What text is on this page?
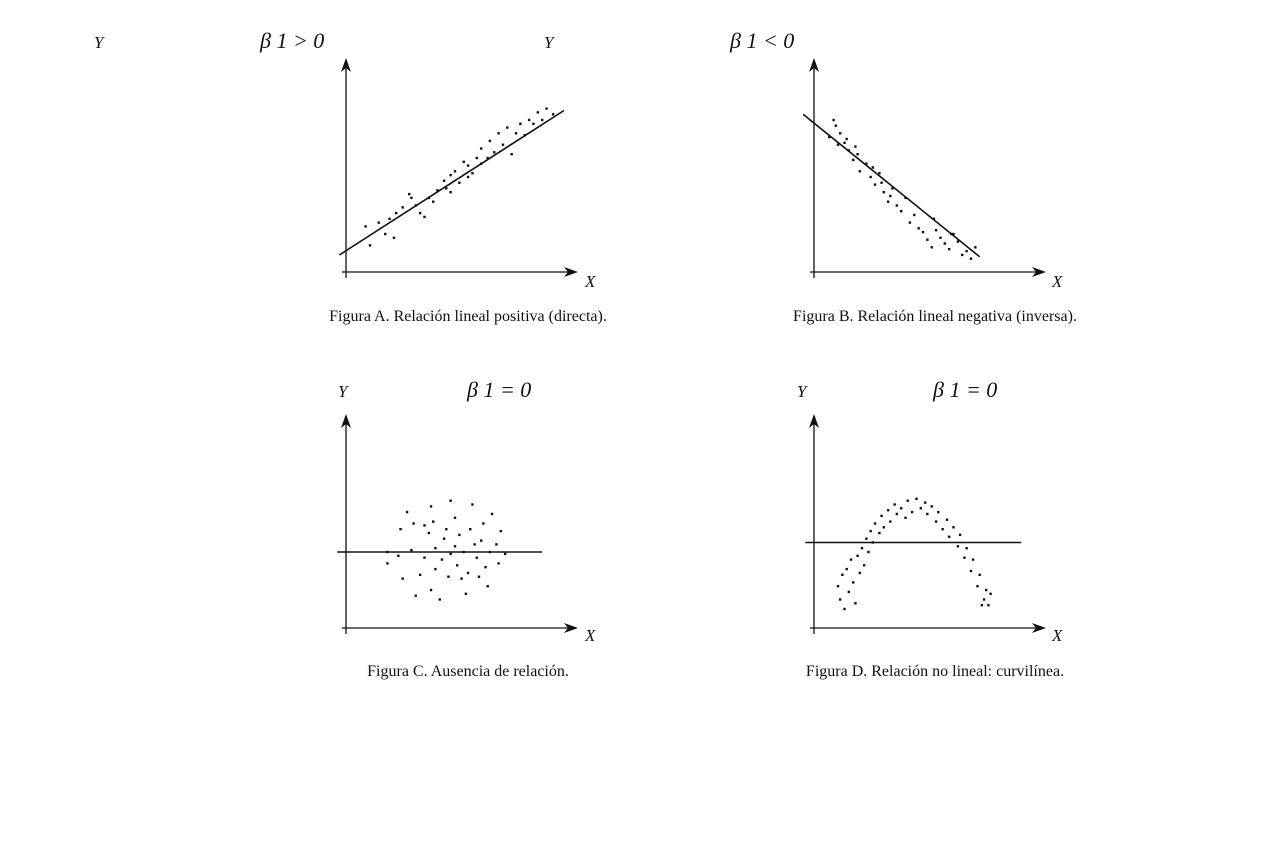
Y	β 1 > 0
X
Figura A. Relación lineal positiva (directa).
Y	β 1 < 0
X
Figura B. Relación lineal negativa (inversa).
Y	β 1 = 0
X
Figura C. Ausencia de relación.
Y	β 1 = 0
X
Figura D. Relación no lineal: curvilínea.
